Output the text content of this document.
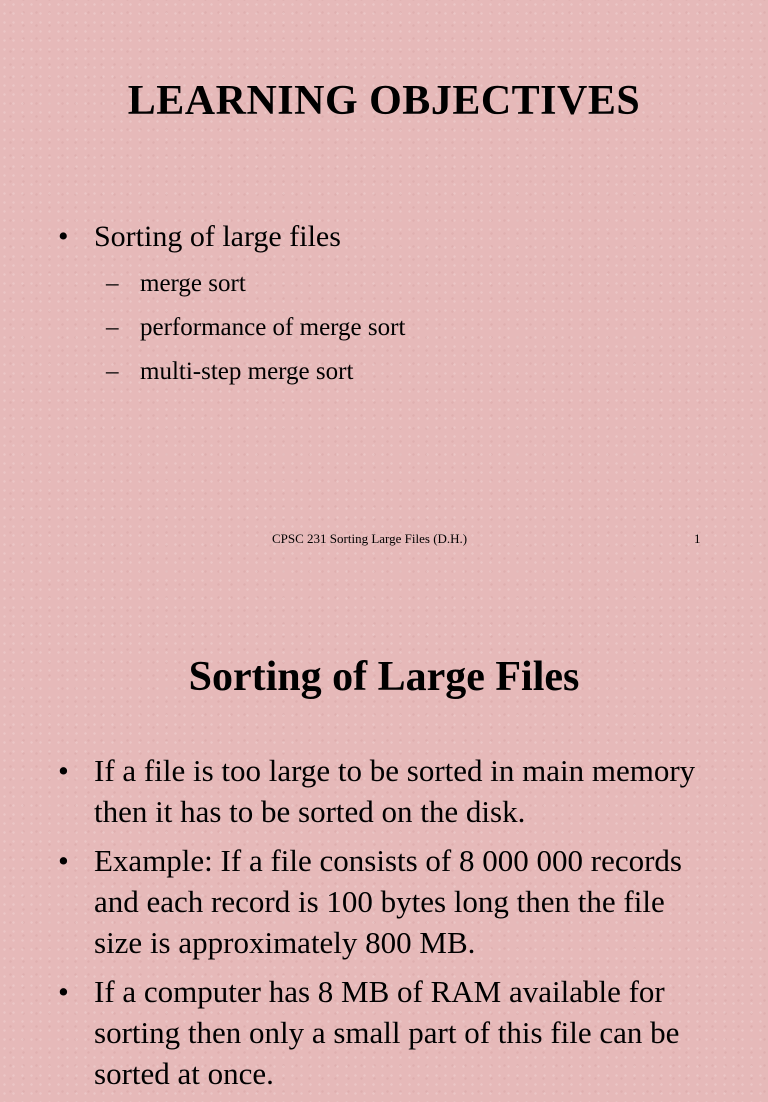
LEARNING OBJECTIVES
• Sorting of large files
– merge sort
– performance of merge sort
– multi-step merge sort
CPSC 231 Sorting Large Files (D.H.)	1
Sorting of Large Files
• If a file is too large to be sorted in main memory then it has to be sorted on the disk.
• Example: If a file consists of 8 000 000 records and each record is 100 bytes long then the file size is approximately 800 MB.
• If a computer has 8 MB of RAM available for sorting then only a small part of this file can be sorted at once.
